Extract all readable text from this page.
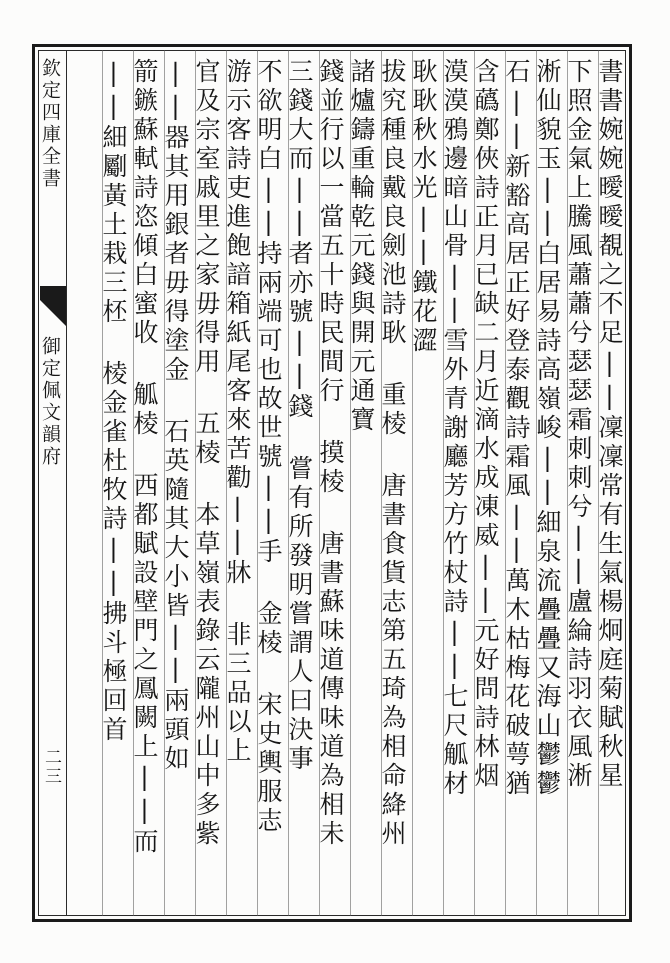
欽定四庫全書
御定佩文韻府
二三	書書婉婉曖曖覩之不足||凜凜常有生氣楊炯庭菊賦秋星
下照金氣上騰風蕭蕭兮瑟瑟霜刺刺兮||盧綸詩羽衣風淅
淅仙貌玉||白居易詩高嶺峻||細泉流疊疊又海山鬱鬱
石||新豁高居正好登泰觀詩霜風||萬木枯梅花破萼猶
含蘤鄭俠詩正月已缺二月近滴水成凍威||元好問詩林烟
漠漠鴉邊暗山骨||雪外青謝廳芳方竹杖詩||七尺觚材
耿耿秋水光||鐵花澀
拔究種良戴良劍池詩耿 重棱 唐書食貨志第五琦為相命絳州
諸爐鑄重輪乾元錢與開元通寶
錢並行以一當五十時民間行 摸棱 唐書蘇味道傳味道為相未
三錢大而||者亦號||錢 嘗有所發明嘗謂人曰決事
不欲明白||持兩端可也故世號||手 金棱 宋史輿服志
游示客詩吏進飽諳箱紙尾客來苦勸||牀 非三品以上
官及宗室戚里之家毋得用 五棱 本草嶺表錄云隴州山中多紫
||器其用銀者毋得塗金 石英隨其大小皆||兩頭如
箭鏃蘇軾詩恣傾白蜜收 觚棱 西都賦設壁門之鳳闕上||而
||細劚黃土栽三柸 棱金雀杜牧詩||拂斗極回首
